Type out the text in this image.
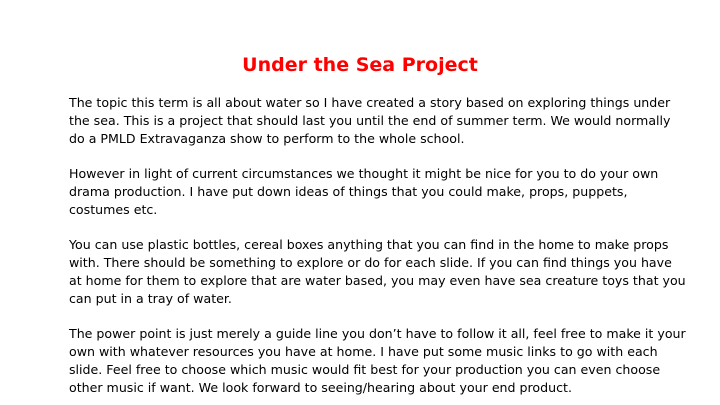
Under the Sea Project

The topic this term is all about water so I have created a story based on exploring things under the sea. This is a project that should last you until the end of summer term. We would normally do a PMLD Extravaganza show to perform to the whole school.

However in light of current circumstances we thought it might be nice for you to do your own drama production. I have put down ideas of things that you could make, props, puppets, costumes etc.

You can use plastic bottles, cereal boxes anything that you can find in the home to make props with. There should be something to explore or do for each slide. If you can find things you have at home for them to explore that are water based, you may even have sea creature toys that you can put in a tray of water.

The power point is just merely a guide line you don’t have to follow it all, feel free to make it your own with whatever resources you have at home. I have put some music links to go with each slide. Feel free to choose which music would fit best for your production you can even choose other music if want. We look forward to seeing/hearing about your end product.
